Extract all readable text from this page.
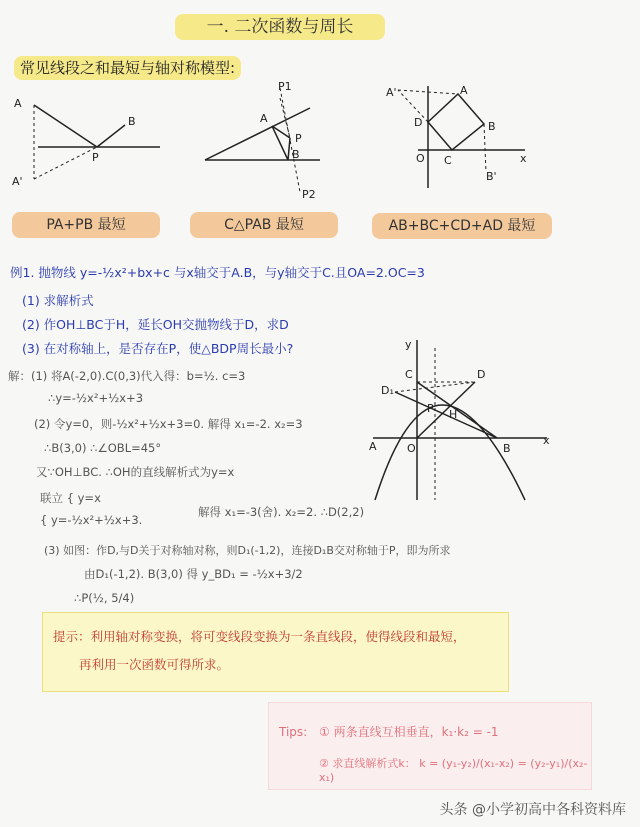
一. 二次函数与周长
常见线段之和最短与轴对称模型:
A
B
P
A'
P1
A
P
B
P2
A'	A
D	B
O C	x
B'
PA+PB 最短	C△PAB 最短	AB+BC+CD+AD 最短
例1. 抛物线 y=-½x²+bx+c 与x轴交于A.B，与y轴交于C.且OA=2.OC=3
(1) 求解析式
(2) 作OH⊥BC于H，延长OH交抛物线于D，求D
(3) 在对称轴上，是否存在P，使△BDP周长最小?
解：(1) 将A(-2,0).C(0,3)代入得：b=½. c=3
∴y=-½x²+½x+3
(2) 令y=0，则-½x²+½x+3=0. 解得 x₁=-2. x₂=3
∴B(3,0) ∴∠OBL=45°
又∵OH⊥BC. ∴OH的直线解析式为y=x
联立 { y=x
{ y=-½x²+½x+3.
解得 x₁=-3(舍). x₂=2. ∴D(2,2)
(3) 如图：作D,与D关于对称轴对称，则D₁(-1,2)，连接D₁B交对称轴于P，即为所求
由D₁(-1,2). B(3,0) 得 y_BD₁ = -½x+3/2
∴P(½, 5/4)
y
C
D₁
D
H
P
A	O	B
x
提示：利用轴对称变换，将可变线段变换为一条直线段，使得线段和最短，
再利用一次函数可得所求。
Tips: ① 两条直线互相垂直，k₁·k₂ = -1
② 求直线解析式k： k = (y₁-y₂)/(x₁-x₂) = (y₂-y₁)/(x₂-x₁)
头条 @小学初高中各科资料库
